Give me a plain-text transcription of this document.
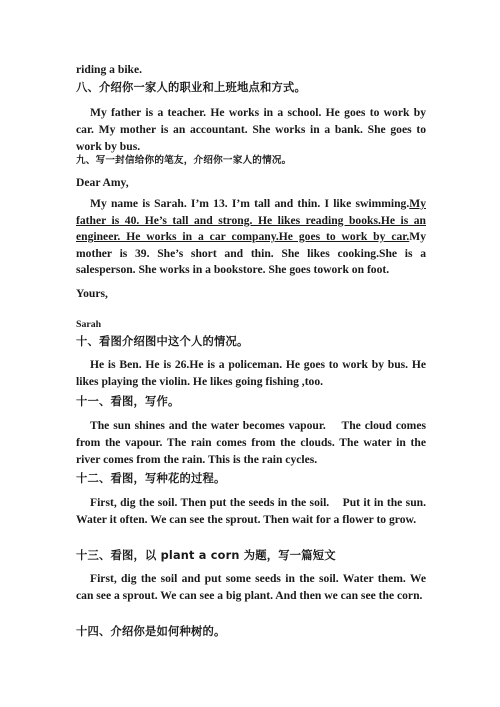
riding a bike.

八、介绍你一家人的职业和上班地点和方式。

My father is a teacher. He works in a school. He goes to work by car. My mother is an accountant. She works in a bank. She goes to work by bus.

九、写一封信给你的笔友，介绍你一家人的情况。

Dear Amy,

My name is Sarah. I’m 13. I’m tall and thin. I like swimming.My father is 40. He’s tall and strong. He likes reading books.He is an engineer. He works in a car company.He goes to work by car.My mother is 39. She’s short and thin. She likes cooking.She is a salesperson. She works in a bookstore. She goes towork on foot.

Yours,

Sarah

十、看图介绍图中这个人的情况。

He is Ben. He is 26.He is a policeman. He goes to work by bus. He likes playing the violin. He likes going fishing ,too.

十一、看图，写作。

The sun shines and the water becomes vapour.    The cloud comes from the vapour. The rain comes from the clouds. The water in the river comes from the rain. This is the rain cycles.

十二、看图，写种花的过程。

First, dig the soil. Then put the seeds in the soil.    Put it in the sun. Water it often. We can see the sprout. Then wait for a flower to grow.

十三、看图，以 plant a corn 为题，写一篇短文

First, dig the soil and put some seeds in the soil. Water them. We can see a sprout. We can see a big plant. And then we can see the corn.

十四、介绍你是如何种树的。
